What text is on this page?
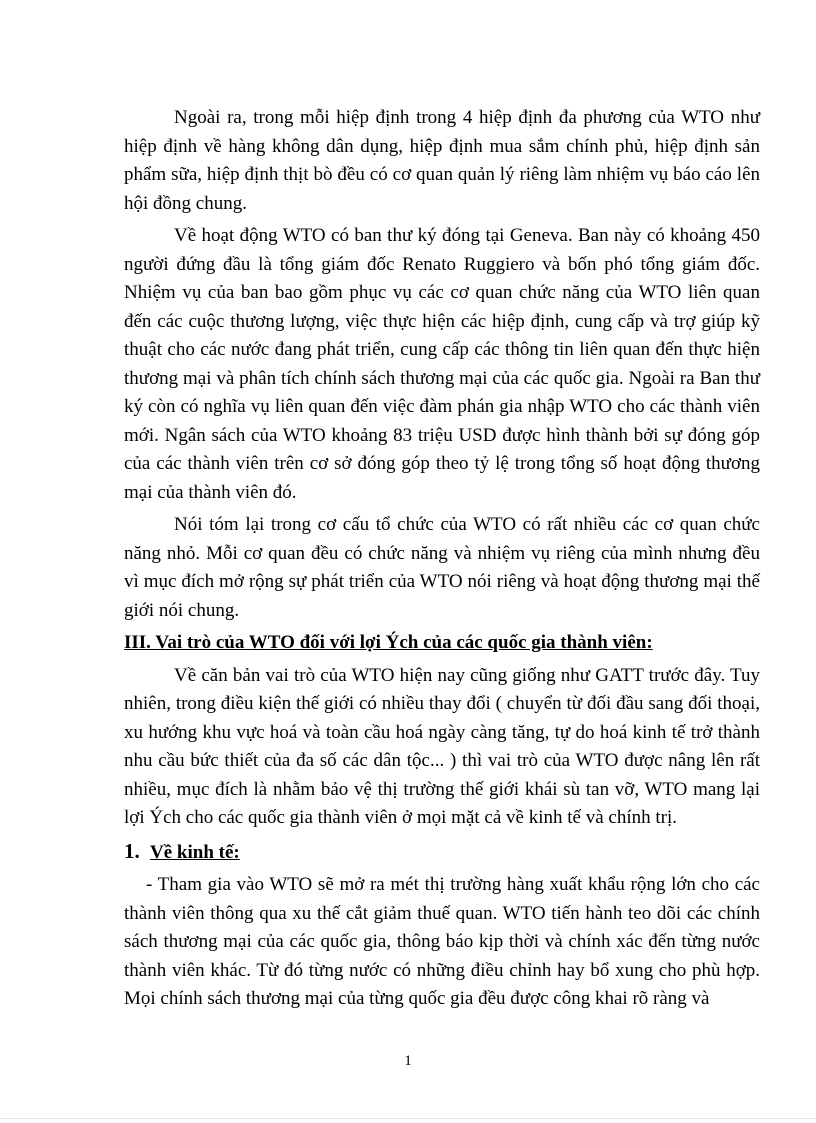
Ngoài ra, trong mỗi hiệp định trong 4 hiệp định đa phương của WTO như hiệp định về hàng không dân dụng, hiệp định mua sắm chính phủ, hiệp định sản phẩm sữa, hiệp định thịt bò đều có cơ quan quản lý riêng làm nhiệm vụ báo cáo lên hội đồng chung.

Về hoạt động WTO có ban thư ký đóng tại Geneva. Ban này có khoảng 450 người đứng đầu là tổng giám đốc Renato Ruggiero và bốn phó tổng giám đốc. Nhiệm vụ của ban bao gồm phục vụ các cơ quan chức năng của WTO liên quan đến các cuộc thương lượng, việc thực hiện các hiệp định, cung cấp và trợ giúp kỹ thuật cho các nước đang phát triển, cung cấp các thông tin liên quan đến thực hiện thương mại và phân tích chính sách thương mại của các quốc gia. Ngoài ra Ban thư ký còn có nghĩa vụ liên quan đến việc đàm phán gia nhập WTO cho các thành viên mới. Ngân sách của WTO khoảng 83 triệu USD được hình thành bởi sự đóng góp của các thành viên trên cơ sở đóng góp theo tỷ lệ trong tổng số hoạt động thương mại của thành viên đó.

Nói tóm lại trong cơ cấu tổ chức của WTO có rất nhiều các cơ quan chức năng nhỏ. Mỗi cơ quan đều có chức năng và nhiệm vụ riêng của mình nhưng đều vì mục đích mở rộng sự phát triển của WTO nói riêng và hoạt động thương mại thế giới nói chung.

III. Vai trò của WTO đối với lợi Ých của các quốc gia thành viên:

Về căn bản vai trò của WTO hiện nay cũng giống như GATT trước đây. Tuy nhiên, trong điều kiện thế giới có nhiều thay đổi ( chuyển từ đối đầu sang đối thoại, xu hướng khu vực hoá và toàn cầu hoá ngày càng tăng, tự do hoá kinh tế trở thành nhu cầu bức thiết của đa số các dân tộc... ) thì vai trò của WTO được nâng lên rất nhiều, mục đích là nhằm bảo vệ thị trường thế giới khái sù tan vỡ, WTO mang lại lợi Ých cho các quốc gia thành viên ở mọi mặt cả về kinh tế và chính trị.

1. Về kinh tế:

- Tham gia vào WTO sẽ mở ra mét thị trường hàng xuất khẩu rộng lớn cho các thành viên thông qua xu thế cắt giảm thuế quan. WTO tiến hành teo dõi các chính sách thương mại của các quốc gia, thông báo kịp thời và chính xác đến từng nước thành viên khác. Từ đó từng nước có những điều chỉnh hay bổ xung cho phù hợp. Mọi chính sách thương mại của từng quốc gia đều được công khai rõ ràng và

1
